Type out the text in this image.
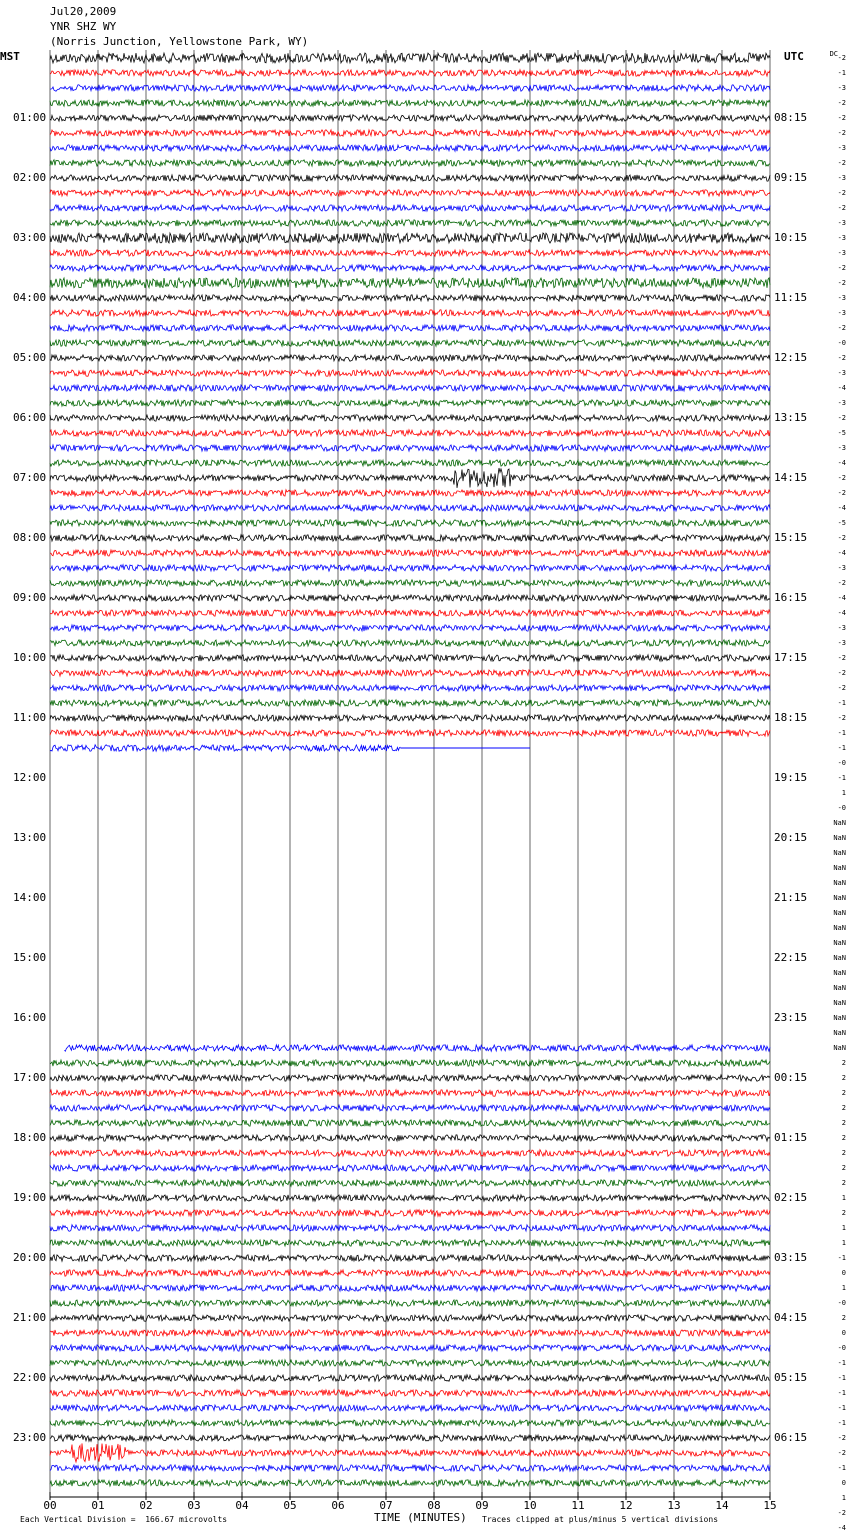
Jul20,2009
YNR SHZ WY
(Norris Junction, Yellowstone Park, WY)
MST	UTC	DC
01:00	08:15
02:00	09:15
03:00	10:15
04:00	11:15
05:00	12:15
06:00	13:15
07:00	14:15
08:00	15:15
09:00	16:15
10:00	17:15
11:00	18:15
12:00	19:15
13:00	20:15
14:00	21:15
15:00	22:15
16:00	23:15
17:00	00:15
18:00	01:15
19:00	02:15
20:00	03:15
21:00	04:15
22:00	05:15
23:00	06:15
-2
-1
-3
-2
-2
-2
-3
-2
-3
-2
-2
-3
-3
-3
-2
-2
-3
-3
-2
-0
-2
-3
-4
-3
-2
-5
-3
-4
-2
-2
-4
-5
-2
-4
-3
-2
-4
-4
-3
-3
-2
-2
-2
-1
-2
-1
-1
-0
-1
1
-0
NaN
NaN
NaN
NaN
NaN
NaN
NaN
NaN
NaN
NaN
NaN
NaN
NaN
NaN
NaN
NaN
2
2
2
2
2
2
2
2
2
1
2
1
1
-1
0
1
-0
2
0
-0
-1
-1
-1
-1
-1
-2
-2
-1
0
1
-2
-4
00	01	02	03	04	05	06	07	08	09	10	11	12	13	14	15
TIME (MINUTES)
Each Vertical Division =  166.67 microvolts	Traces clipped at plus/minus 5 vertical divisions
